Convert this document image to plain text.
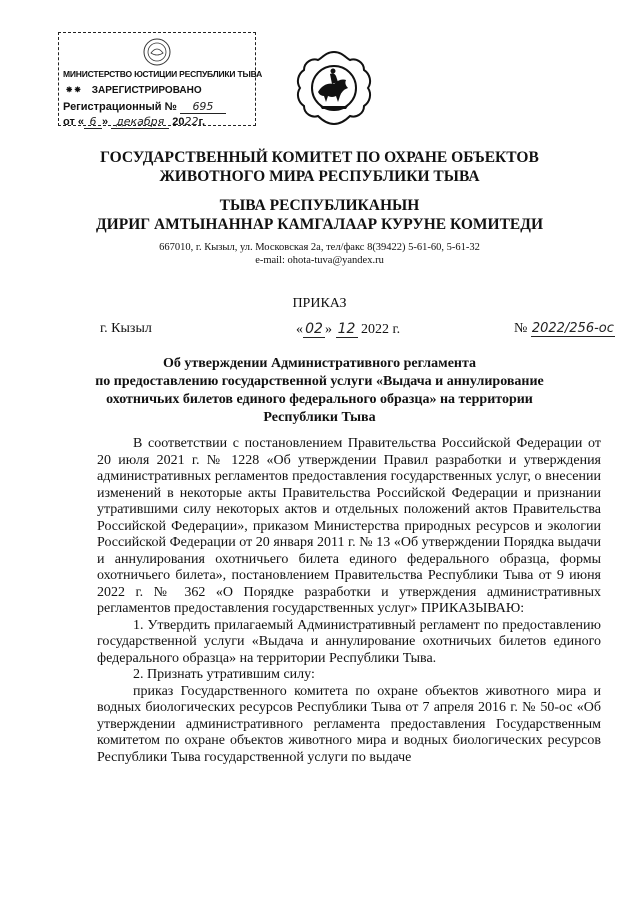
МИНИСТЕРСТВО ЮСТИЦИИ РЕСПУБЛИКИ ТЫВА
⁕⁕ ЗАРЕГИСТРИРОВАНО
Регистрационный № 695
от « 6 » декабря 2022г.
ГОСУДАРСТВЕННЫЙ КОМИТЕТ ПО ОХРАНЕ ОБЪЕКТОВ
ЖИВОТНОГО МИРА РЕСПУБЛИКИ ТЫВА
ТЫВА РЕСПУБЛИКАНЫН
ДИРИГ АМТЫНАННАР КАМГАЛААР КУРУНЕ КОМИТЕДИ
667010, г. Кызыл, ул. Московская 2а, тел/факс 8(39422) 5-61-60, 5-61-32
e-mail: ohota-tuva@yandex.ru
ПРИКАЗ
г. Кызыл	« 02 » 12 2022 г.	№ 2022/256-ос
Об утверждении Административного регламента
по предоставлению государственной услуги «Выдача и аннулирование
охотничьих билетов единого федерального образца» на территории
Республики Тыва

В соответствии с постановлением Правительства Российской Федерации от 20 июля 2021 г. № 1228 «Об утверждении Правил разработки и утверждения административных регламентов предоставления государственных услуг, о внесении изменений в некоторые акты Правительства Российской Федерации и признании утратившими силу некоторых актов и отдельных положений актов Правительства Российской Федерации», приказом Министерства природных ресурсов и экологии Российской Федерации от 20 января 2011 г. № 13 «Об утверждении Порядка выдачи и аннулирования охотничьего билета единого федерального образца, формы охотничьего билета», постановлением Правительства Республики Тыва от 9 июня 2022 г. № 362 «О Порядке разработки и утверждения административных регламентов предоставления государственных услуг» ПРИКАЗЫВАЮ:

1. Утвердить прилагаемый Административный регламент по предоставлению государственной услуги «Выдача и аннулирование охотничьих билетов единого федерального образца» на территории Республики Тыва.

2. Признать утратившим силу:

приказ Государственного комитета по охране объектов животного мира и водных биологических ресурсов Республики Тыва от 7 апреля 2016 г. № 50-ос «Об утверждении административного регламента предоставления Государственным комитетом по охране объектов животного мира и водных биологических ресурсов Республики Тыва государственной услуги по выдаче
